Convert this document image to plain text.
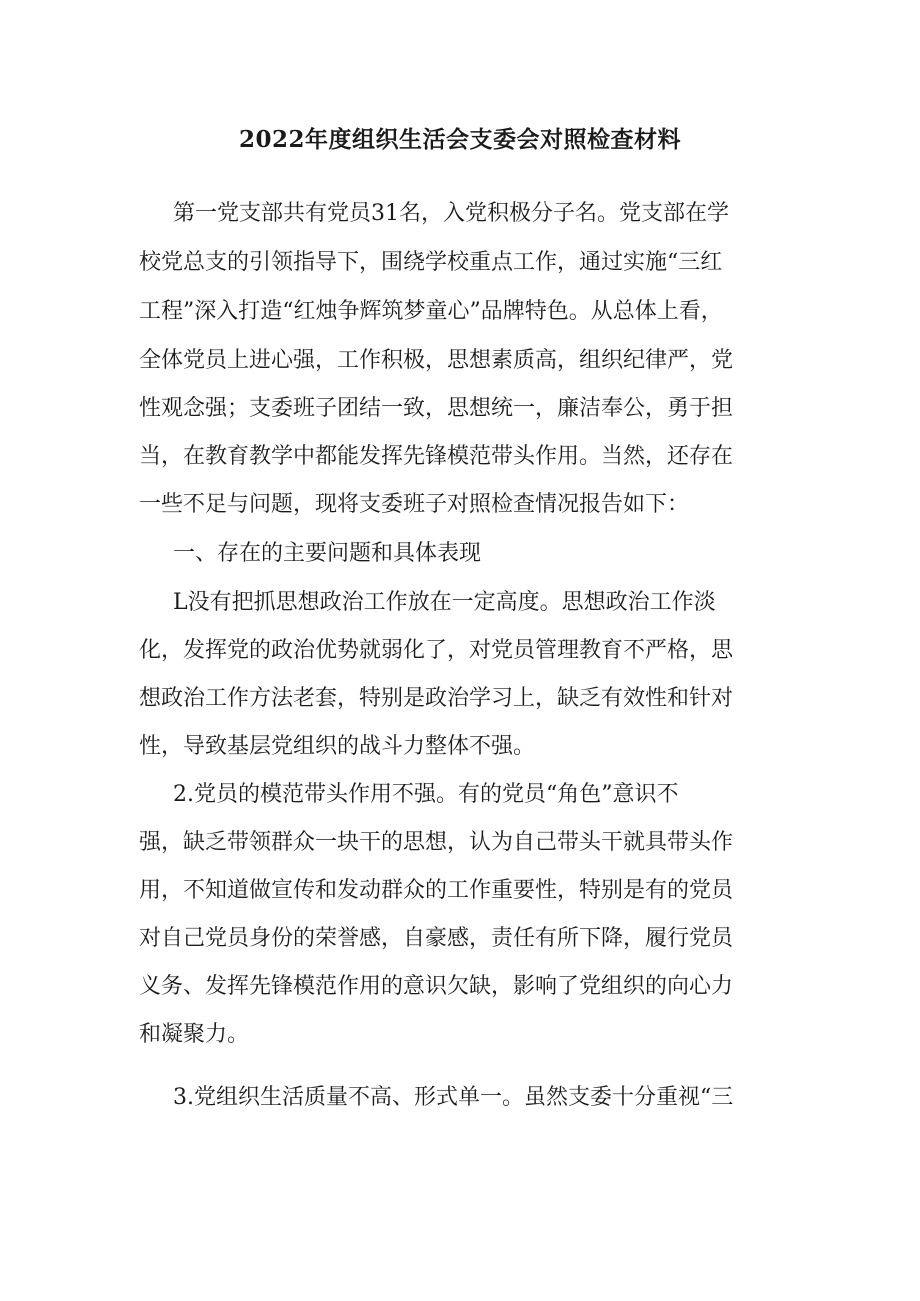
2022年度组织生活会支委会对照检查材料

第一党支部共有党员31名，入党积极分子名。党支部在学

校党总支的引领指导下，围绕学校重点工作，通过实施“三红

工程”深入打造“红烛争辉筑梦童心”品牌特色。从总体上看，

全体党员上进心强，工作积极，思想素质高，组织纪律严，党

性观念强；支委班子团结一致，思想统一，廉洁奉公，勇于担

当，在教育教学中都能发挥先锋模范带头作用。当然，还存在

一些不足与问题，现将支委班子对照检查情况报告如下：

一、存在的主要问题和具体表现

L没有把抓思想政治工作放在一定高度。思想政治工作淡

化，发挥党的政治优势就弱化了，对党员管理教育不严格，思

想政治工作方法老套，特别是政治学习上，缺乏有效性和针对

性，导致基层党组织的战斗力整体不强。

2.党员的模范带头作用不强。有的党员“角色”意识不

强，缺乏带领群众一块干的思想，认为自己带头干就具带头作

用，不知道做宣传和发动群众的工作重要性，特别是有的党员

对自己党员身份的荣誉感，自豪感，责任有所下降，履行党员

义务、发挥先锋模范作用的意识欠缺，影响了党组织的向心力

和凝聚力。

3.党组织生活质量不高、形式单一。虽然支委十分重视“三
